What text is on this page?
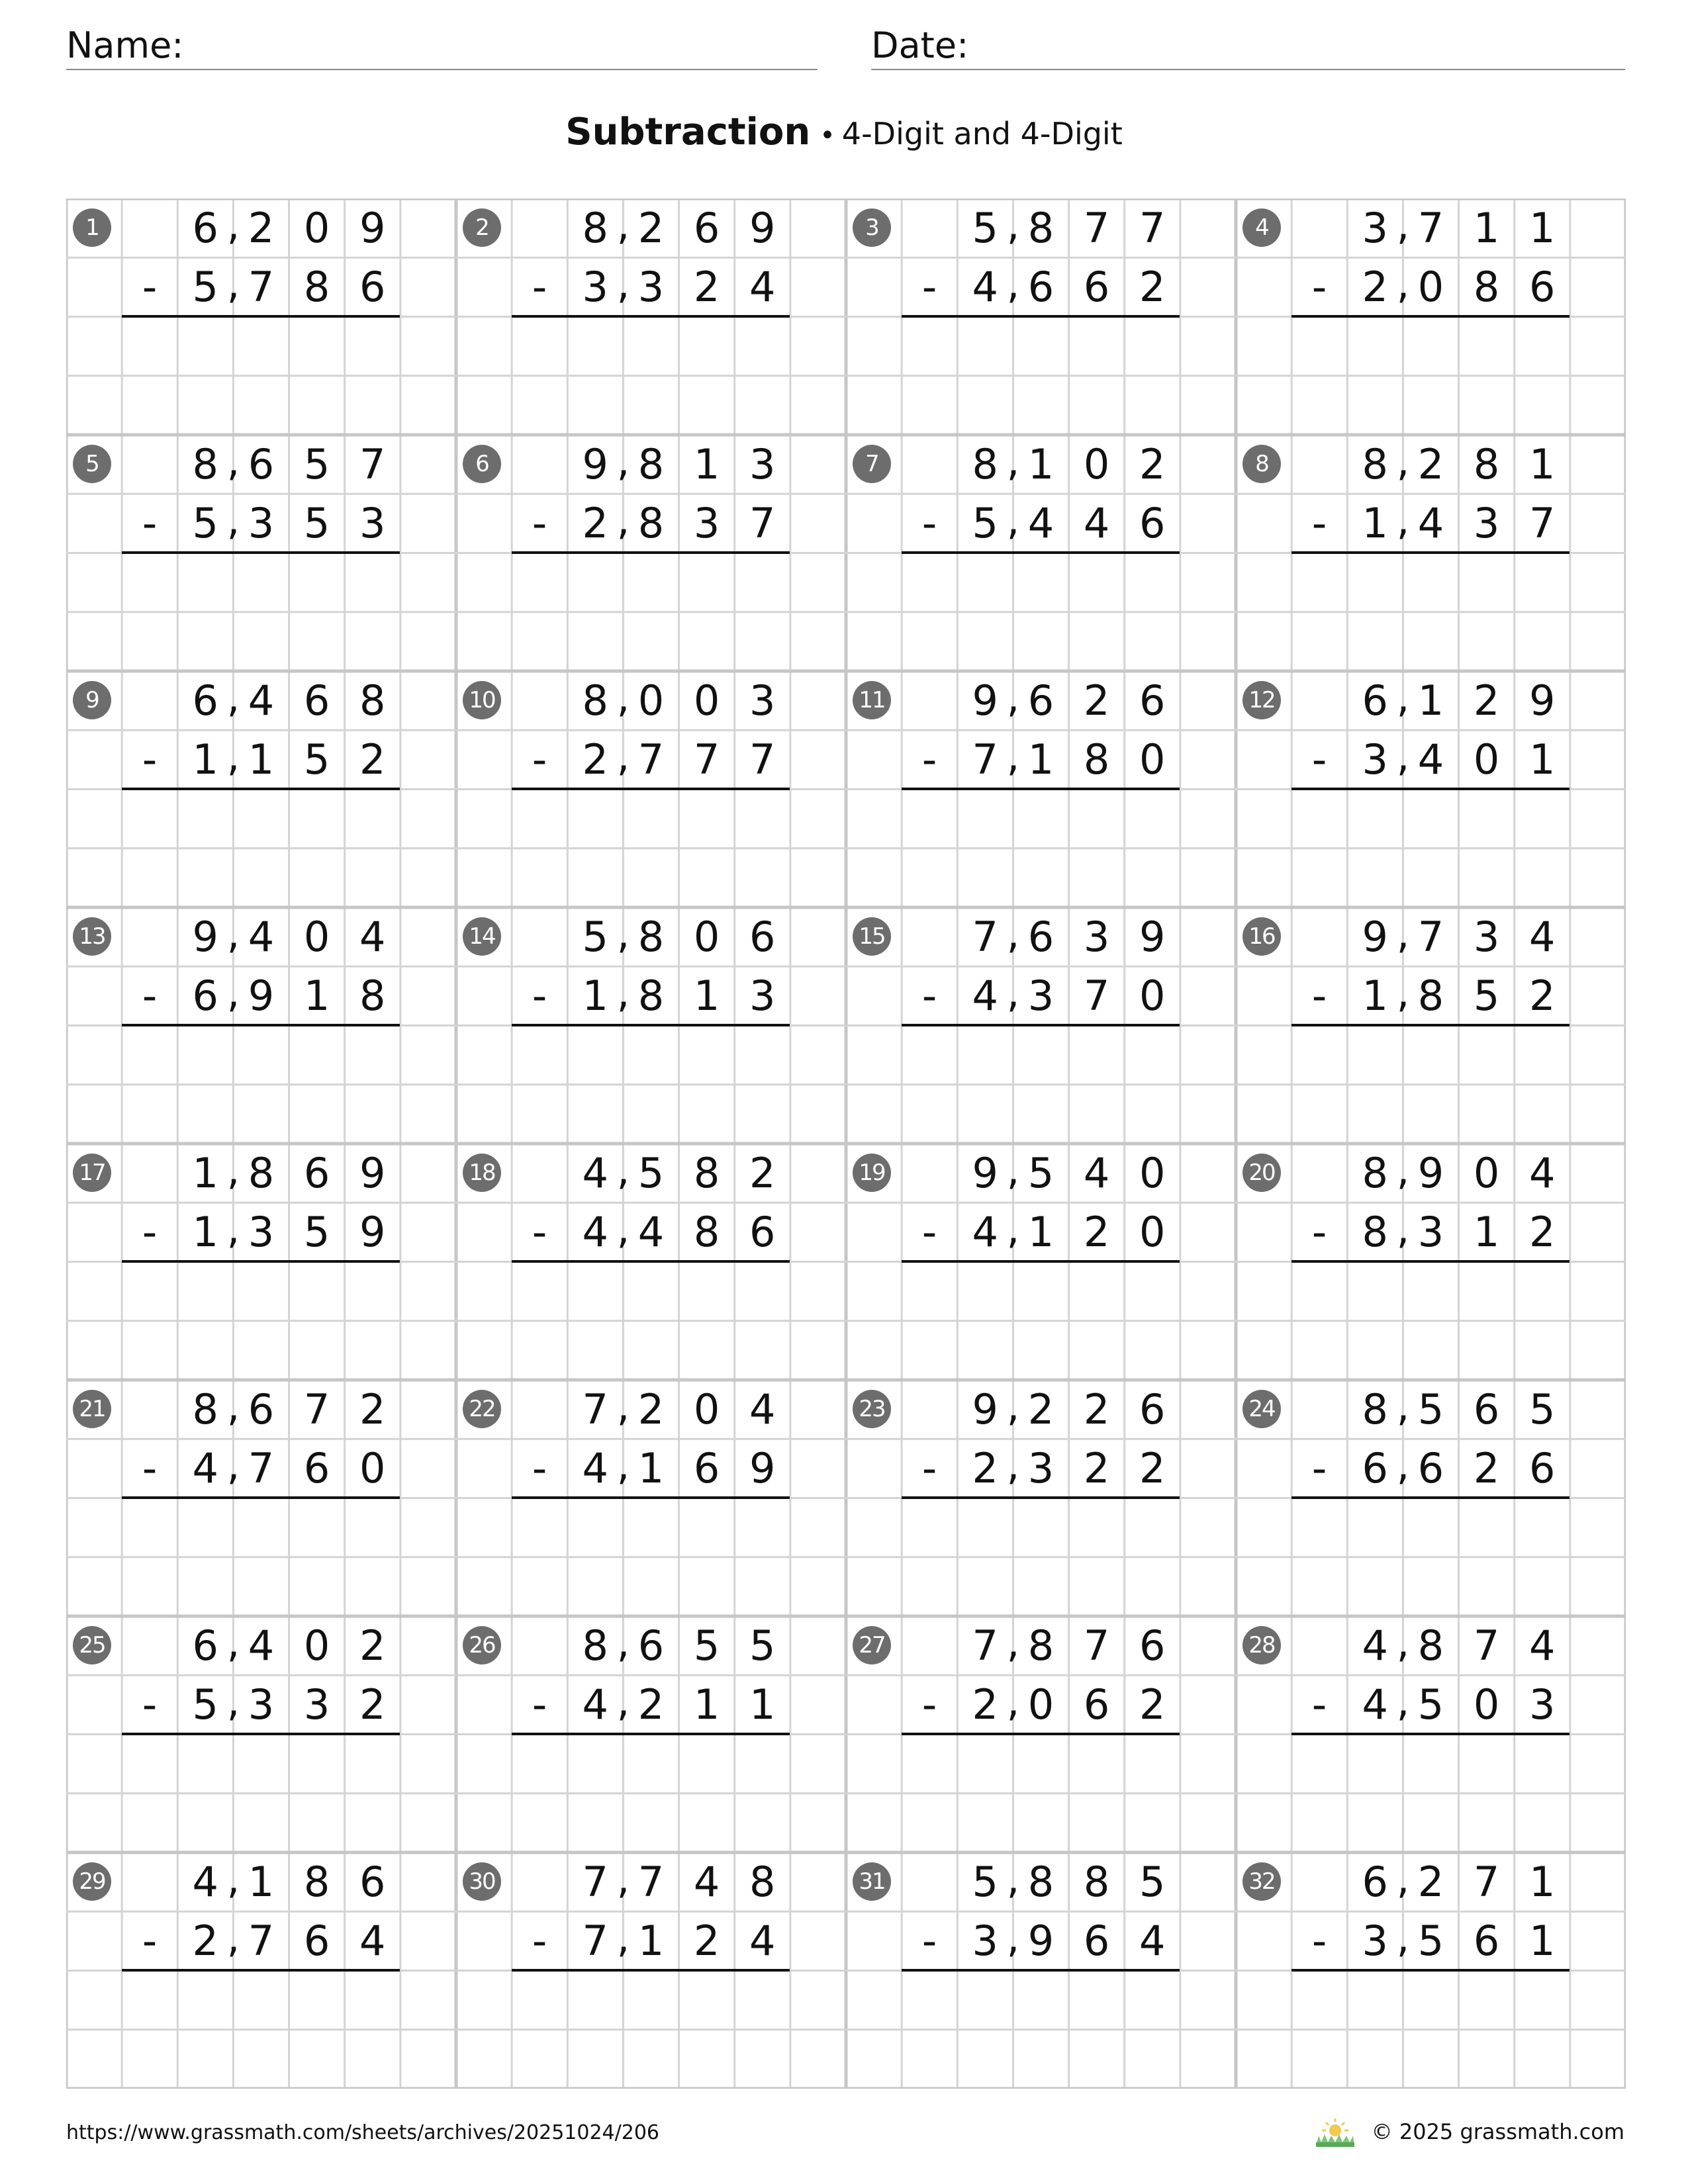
Name:	Date:
Subtraction • 4-Digit and 4-Digit
1	6 2 0 9
,
- 5 7 8 6
,
2	8 2 6 9
,
- 3 3 2 4
,
3	5 8 7 7
,
- 4 6 6 2
,
4	3 7 1 1
,
- 2 0 8 6
,
5	8 6 5 7
,
- 5 3 5 3
,
6	9 8 1 3
,
- 2 8 3 7
,
7	8 1 0 2
,
- 5 4 4 6
,
8	8 2 8 1
,
- 1 4 3 7
,
9	6 4 6 8
,
- 1 1 5 2
,
10	8 0 0 3
,
- 2 7 7 7
,
11	9 6 2 6
,
- 7 1 8 0
,
12	6 1 2 9
,
- 3 4 0 1
,
13	9 4 0 4
,
- 6 9 1 8
,
14	5 8 0 6
,
- 1 8 1 3
,
15	7 6 3 9
,
- 4 3 7 0
,
16	9 7 3 4
,
- 1 8 5 2
,
17	1 8 6 9
,
- 1 3 5 9
,
18	4 5 8 2
,
- 4 4 8 6
,
19	9 5 4 0
,
- 4 1 2 0
,
20	8 9 0 4
,
- 8 3 1 2
,
21	8 6 7 2
,
- 4 7 6 0
,
22	7 2 0 4
,
- 4 1 6 9
,
23	9 2 2 6
,
- 2 3 2 2
,
24	8 5 6 5
,
- 6 6 2 6
,
25	6 4 0 2
,
- 5 3 3 2
,
26	8 6 5 5
,
- 4 2 1 1
,
27	7 8 7 6
,
- 2 0 6 2
,
28	4 8 7 4
,
- 4 5 0 3
,
29	4 1 8 6
,
- 2 7 6 4
,
30	7 7 4 8
,
- 7 1 2 4
,
31	5 8 8 5
,
- 3 9 6 4
,
32	6 2 7 1
,
- 3 5 6 1
,
https://www.grassmath.com/sheets/archives/20251024/206	© 2025 grassmath.com
